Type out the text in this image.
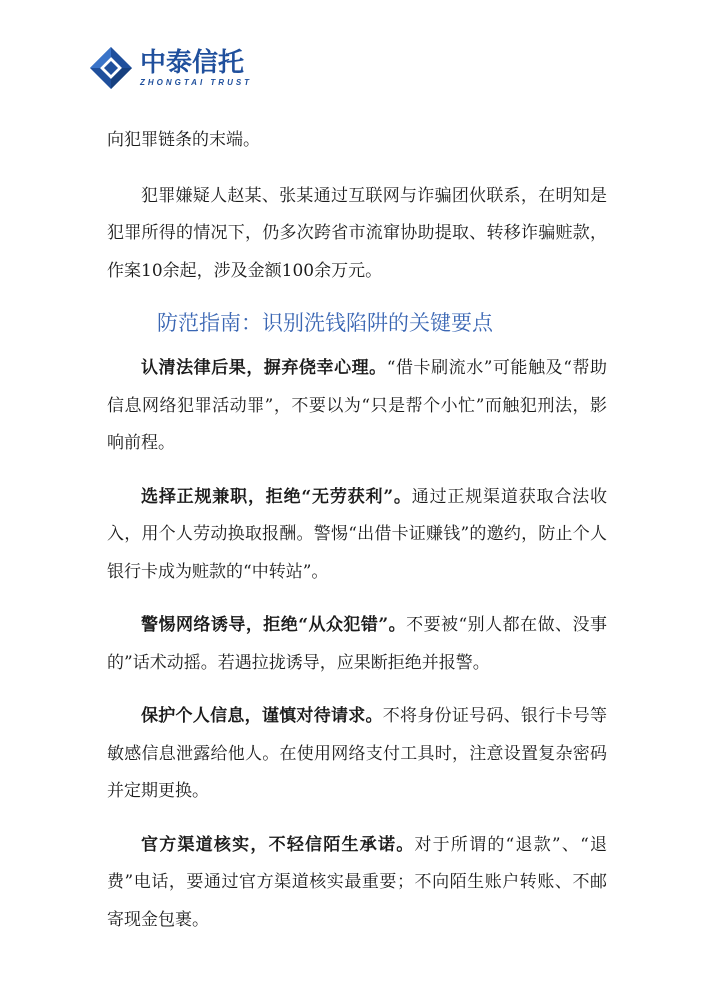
中泰信托
ZHONGTAI TRUST

向犯罪链条的末端。

犯罪嫌疑人赵某、张某通过互联网与诈骗团伙联系，在明知是犯罪所得的情况下，仍多次跨省市流窜协助提取、转移诈骗赃款，作案10余起，涉及金额100余万元。

防范指南：识别洗钱陷阱的关键要点

认清法律后果，摒弃侥幸心理。“借卡刷流水”可能触及“帮助信息网络犯罪活动罪”，不要以为“只是帮个小忙”而触犯刑法，影响前程。

选择正规兼职，拒绝“无劳获利”。通过正规渠道获取合法收入，用个人劳动换取报酬。警惕“出借卡证赚钱”的邀约，防止个人银行卡成为赃款的“中转站”。

警惕网络诱导，拒绝“从众犯错”。不要被“别人都在做、没事的”话术动摇。若遇拉拢诱导，应果断拒绝并报警。

保护个人信息，谨慎对待请求。不将身份证号码、银行卡号等敏感信息泄露给他人。在使用网络支付工具时，注意设置复杂密码并定期更换。

官方渠道核实，不轻信陌生承诺。对于所谓的“退款”、“退费”电话，要通过官方渠道核实最重要；不向陌生账户转账、不邮寄现金包裹。
